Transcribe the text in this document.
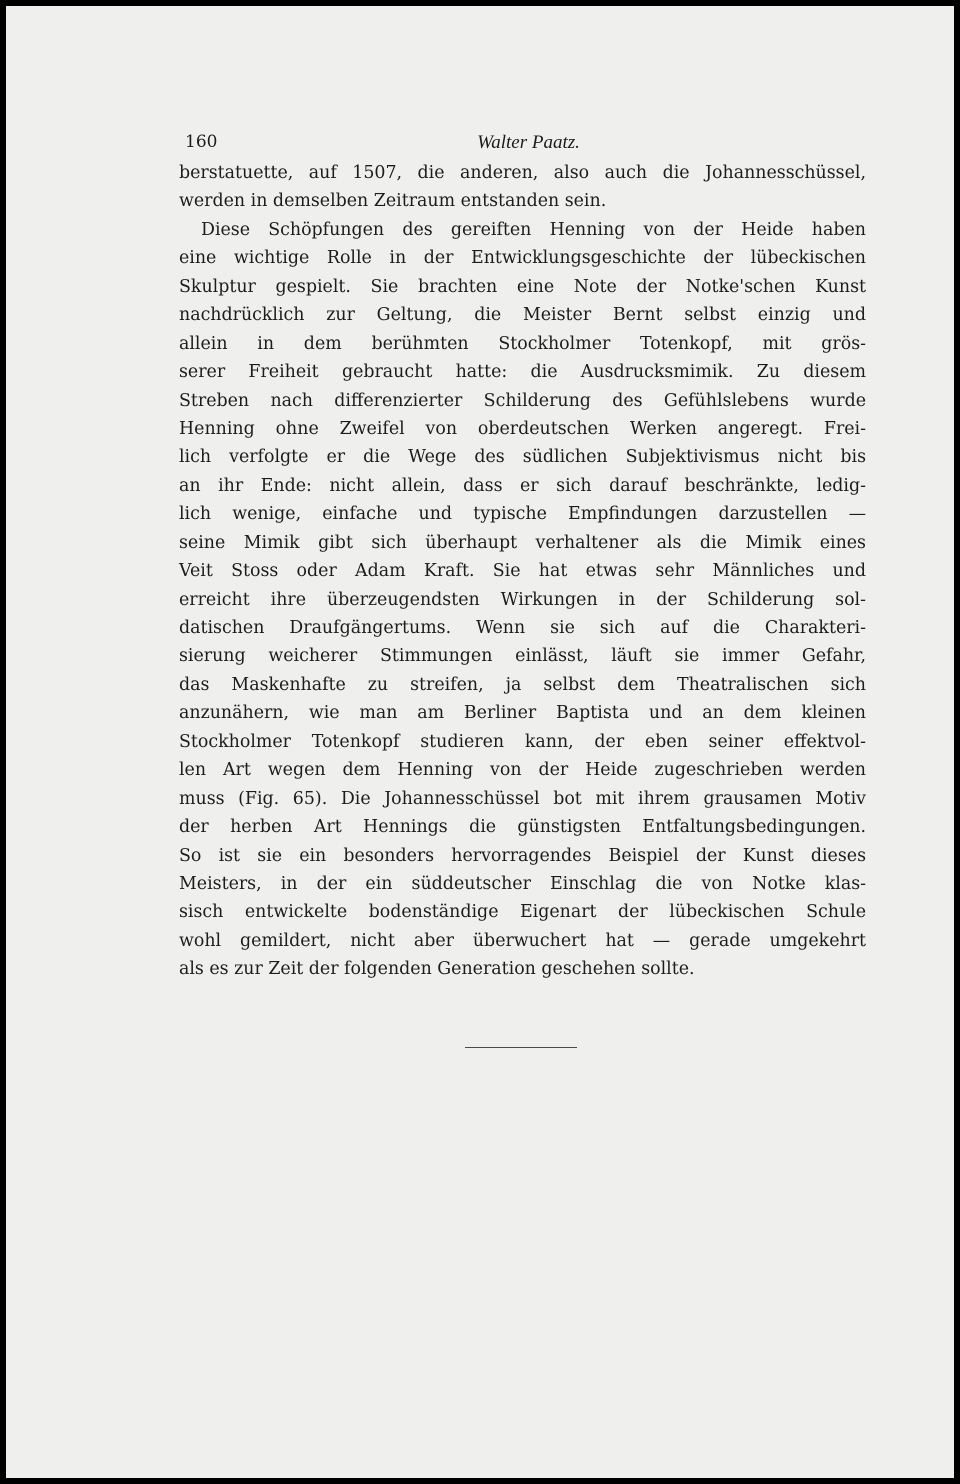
160	Walter Paatz.
berstatuette, auf 1507, die anderen, also auch die Johannesschüssel,
werden in demselben Zeitraum entstanden sein.
Diese Schöpfungen des gereiften Henning von der Heide haben
eine wichtige Rolle in der Entwicklungsgeschichte der lübeckischen
Skulptur gespielt. Sie brachten eine Note der Notke'schen Kunst
nachdrücklich zur Geltung, die Meister Bernt selbst einzig und
allein in dem berühmten Stockholmer Totenkopf, mit grös-
serer Freiheit gebraucht hatte: die Ausdrucksmimik. Zu diesem
Streben nach differenzierter Schilderung des Gefühlslebens wurde
Henning ohne Zweifel von oberdeutschen Werken angeregt. Frei-
lich verfolgte er die Wege des südlichen Subjektivismus nicht bis
an ihr Ende: nicht allein, dass er sich darauf beschränkte, ledig-
lich wenige, einfache und typische Empfindungen darzustellen —
seine Mimik gibt sich überhaupt verhaltener als die Mimik eines
Veit Stoss oder Adam Kraft. Sie hat etwas sehr Männliches und
erreicht ihre überzeugendsten Wirkungen in der Schilderung sol-
datischen Draufgängertums. Wenn sie sich auf die Charakteri-
sierung weicherer Stimmungen einlässt, läuft sie immer Gefahr,
das Maskenhafte zu streifen, ja selbst dem Theatralischen sich
anzunähern, wie man am Berliner Baptista und an dem kleinen
Stockholmer Totenkopf studieren kann, der eben seiner effektvol-
len Art wegen dem Henning von der Heide zugeschrieben werden
muss (Fig. 65). Die Johannesschüssel bot mit ihrem grausamen Motiv
der herben Art Hennings die günstigsten Entfaltungsbedingungen.
So ist sie ein besonders hervorragendes Beispiel der Kunst dieses
Meisters, in der ein süddeutscher Einschlag die von Notke klas-
sisch entwickelte bodenständige Eigenart der lübeckischen Schule
wohl gemildert, nicht aber überwuchert hat — gerade umgekehrt
als es zur Zeit der folgenden Generation geschehen sollte.
